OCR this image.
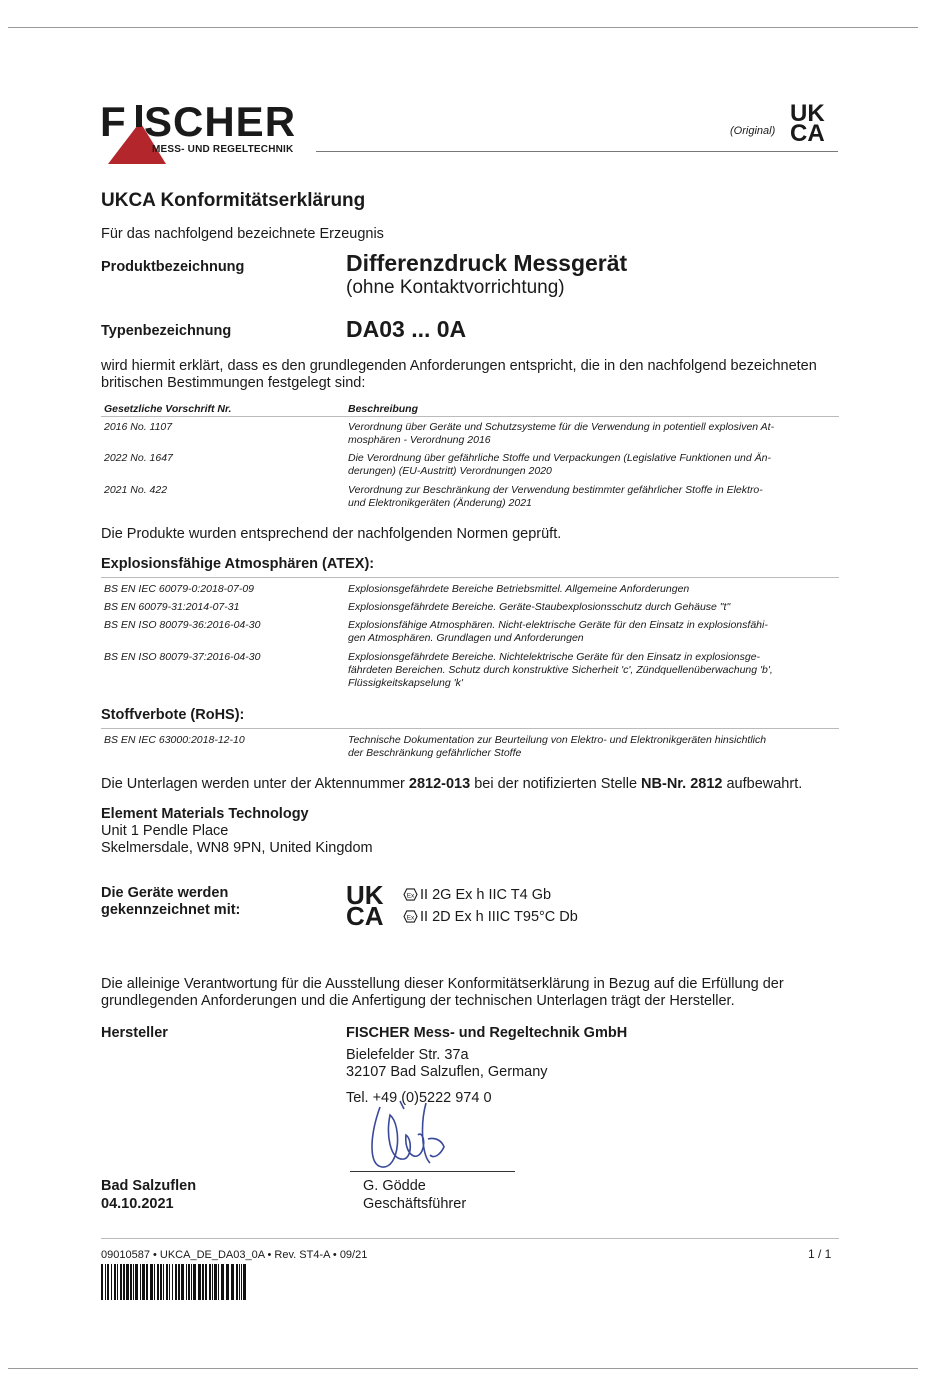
F SCHER
MESS- UND REGELTECHNIK
(Original)
UK
CA
UKCA Konformitätserklärung
Für das nachfolgend bezeichnete Erzeugnis
Produktbezeichnung	Differenzdruck Messgerät
(ohne Kontaktvorrichtung)
Typenbezeichnung	DA03 ... 0A
wird hiermit erklärt, dass es den grundlegenden Anforderungen entspricht, die in den nachfolgend bezeichneten britischen Bestimmungen festgelegt sind:
Gesetzliche Vorschrift Nr.	Beschreibung
2016 No. 1107	Verordnung über Geräte und Schutzsysteme für die Verwendung in potentiell explosiven At-
mosphären - Verordnung 2016
2022 No. 1647	Die Verordnung über gefährliche Stoffe und Verpackungen (Legislative Funktionen und Än-
derungen) (EU-Austritt) Verordnungen 2020
2021 No. 422	Verordnung zur Beschränkung der Verwendung bestimmter gefährlicher Stoffe in Elektro-
und Elektronikgeräten (Änderung) 2021
Die Produkte wurden entsprechend der nachfolgenden Normen geprüft.
Explosionsfähige Atmosphären (ATEX):
BS EN IEC 60079-0:2018-07-09	Explosionsgefährdete Bereiche Betriebsmittel. Allgemeine Anforderungen
BS EN 60079-31:2014-07-31	Explosionsgefährdete Bereiche. Geräte-Staubexplosionsschutz durch Gehäuse "t"
BS EN ISO 80079-36:2016-04-30	Explosionsfähige Atmosphären. Nicht-elektrische Geräte für den Einsatz in explosionsfähi-
gen Atmosphären. Grundlagen und Anforderungen
BS EN ISO 80079-37:2016-04-30	Explosionsgefährdete Bereiche. Nichtelektrische Geräte für den Einsatz in explosionsge-
fährdeten Bereichen. Schutz durch konstruktive Sicherheit 'c', Zündquellenüberwachung 'b',
Flüssigkeitskapselung 'k'
Stoffverbote (RoHS):
BS EN IEC 63000:2018-12-10	Technische Dokumentation zur Beurteilung von Elektro- und Elektronikgeräten hinsichtlich
der Beschränkung gefährlicher Stoffe
Die Unterlagen werden unter der Aktennummer 2812-013 bei der notifizierten Stelle NB-Nr. 2812 aufbewahrt.
Element Materials Technology
Unit 1 Pendle Place
Skelmersdale, WN8 9PN, United Kingdom
Die Geräte werden
gekennzeichnet mit:	UK
CA
Ex II 2G Ex h IIC T4 Gb
Ex II 2D Ex h IIIC T95°C Db
Die alleinige Verantwortung für die Ausstellung dieser Konformitätserklärung in Bezug auf die Erfüllung der grundlegenden Anforderungen und die Anfertigung der technischen Unterlagen trägt der Hersteller.
Hersteller	FISCHER Mess- und Regeltechnik GmbH
Bielefelder Str. 37a
32107 Bad Salzuflen, Germany
Tel. +49 (0)5222 974 0
Bad Salzuflen
04.10.2021
G. Gödde
Geschäftsführer
09010587 • UKCA_DE_DA03_0A • Rev. ST4-A • 09/21	1 / 1
